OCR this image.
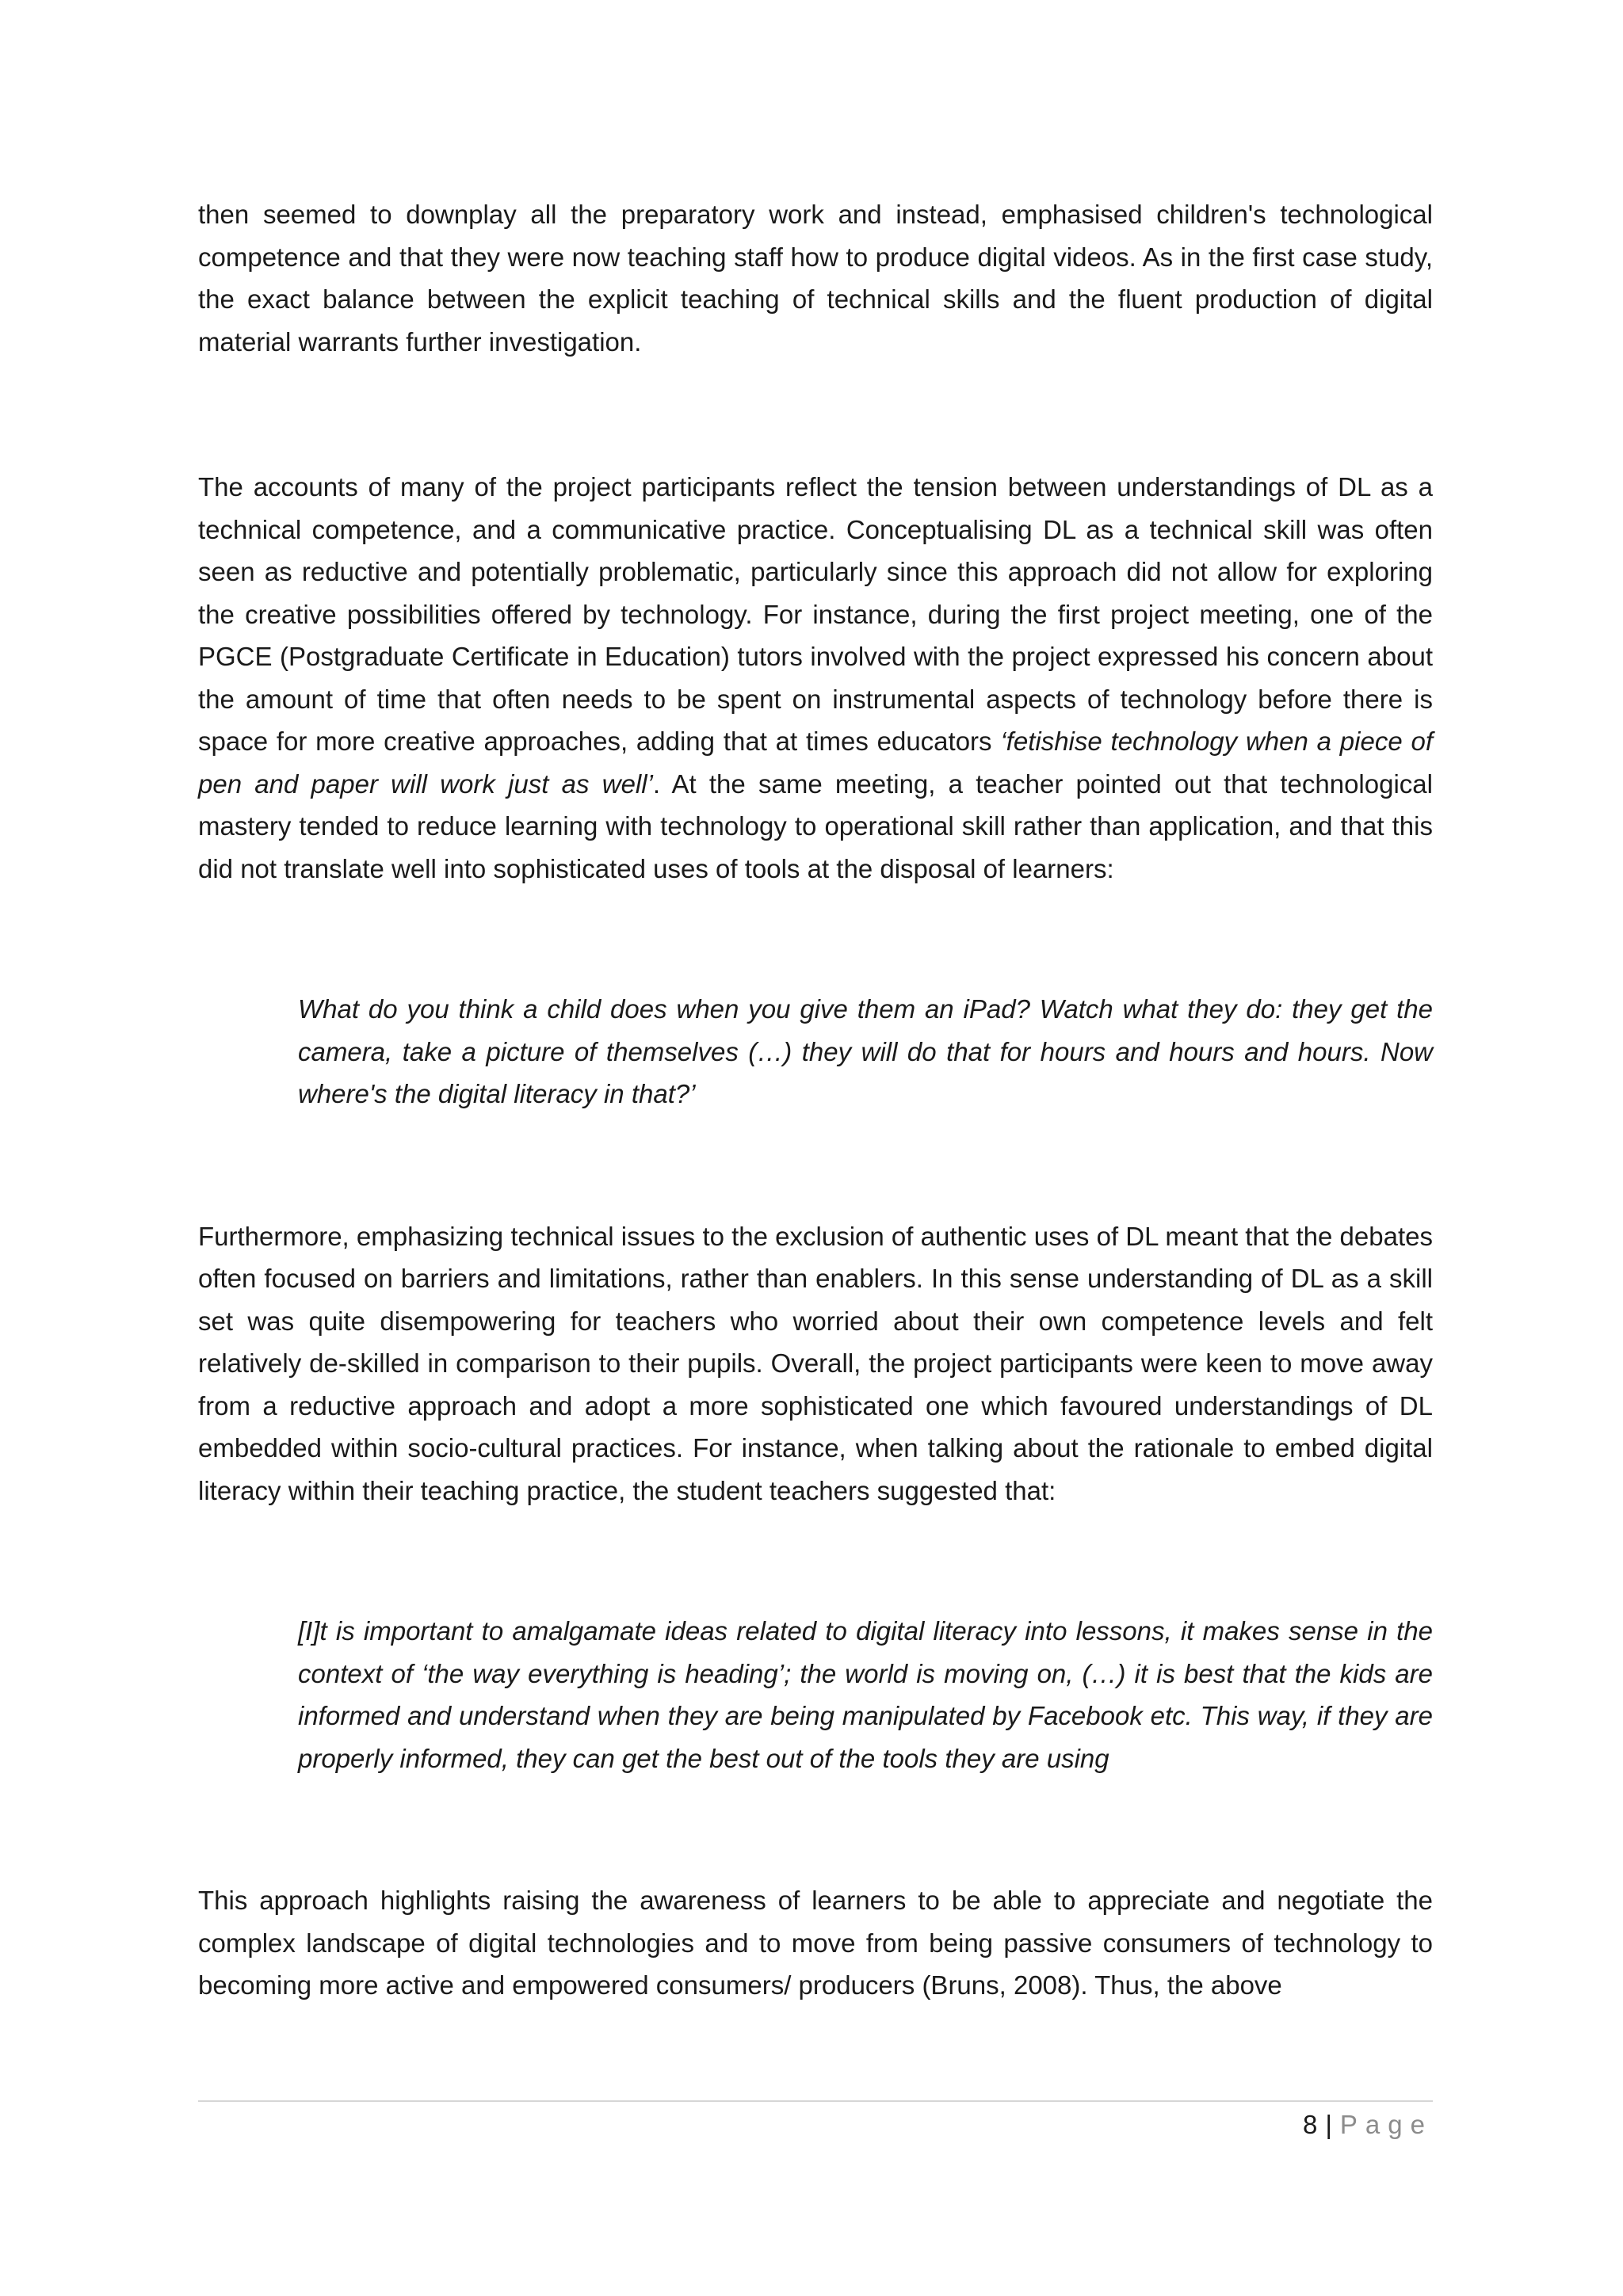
then seemed to downplay all the preparatory work and instead, emphasised children's technological competence and that they were now teaching staff how to produce digital videos. As in the first case study, the exact balance between the explicit teaching of technical skills and the fluent production of digital material warrants further investigation.

The accounts of many of the project participants reflect the tension between understandings of DL as a technical competence, and a communicative practice. Conceptualising DL as a technical skill was often seen as reductive and potentially problematic, particularly since this approach did not allow for exploring the creative possibilities offered by technology. For instance, during the first project meeting, one of the PGCE (Postgraduate Certificate in Education) tutors involved with the project expressed his concern about the amount of time that often needs to be spent on instrumental aspects of technology before there is space for more creative approaches, adding that at times educators ‘fetishise technology when a piece of pen and paper will work just as well’. At the same meeting, a teacher pointed out that technological mastery tended to reduce learning with technology to operational skill rather than application, and that this did not translate well into sophisticated uses of tools at the disposal of learners:

What do you think a child does when you give them an iPad? Watch what they do: they get the camera, take a picture of themselves (…) they will do that for hours and hours and hours. Now where's the digital literacy in that?’

Furthermore, emphasizing technical issues to the exclusion of authentic uses of DL meant that the debates often focused on barriers and limitations, rather than enablers. In this sense understanding of DL as a skill set was quite disempowering for teachers who worried about their own competence levels and felt relatively de-skilled in comparison to their pupils. Overall, the project participants were keen to move away from a reductive approach and adopt a more sophisticated one which favoured understandings of DL embedded within socio-cultural practices. For instance, when talking about the rationale to embed digital literacy within their teaching practice, the student teachers suggested that:

[I]t is important to amalgamate ideas related to digital literacy into lessons, it makes sense in the context of ‘the way everything is heading’; the world is moving on, (…) it is best that the kids are informed and understand when they are being manipulated by Facebook etc. This way, if they are properly informed, they can get the best out of the tools they are using

This approach highlights raising the awareness of learners to be able to appreciate and negotiate the complex landscape of digital technologies and to move from being passive consumers of technology to becoming more active and empowered consumers/ producers (Bruns, 2008). Thus, the above

8 | Page
